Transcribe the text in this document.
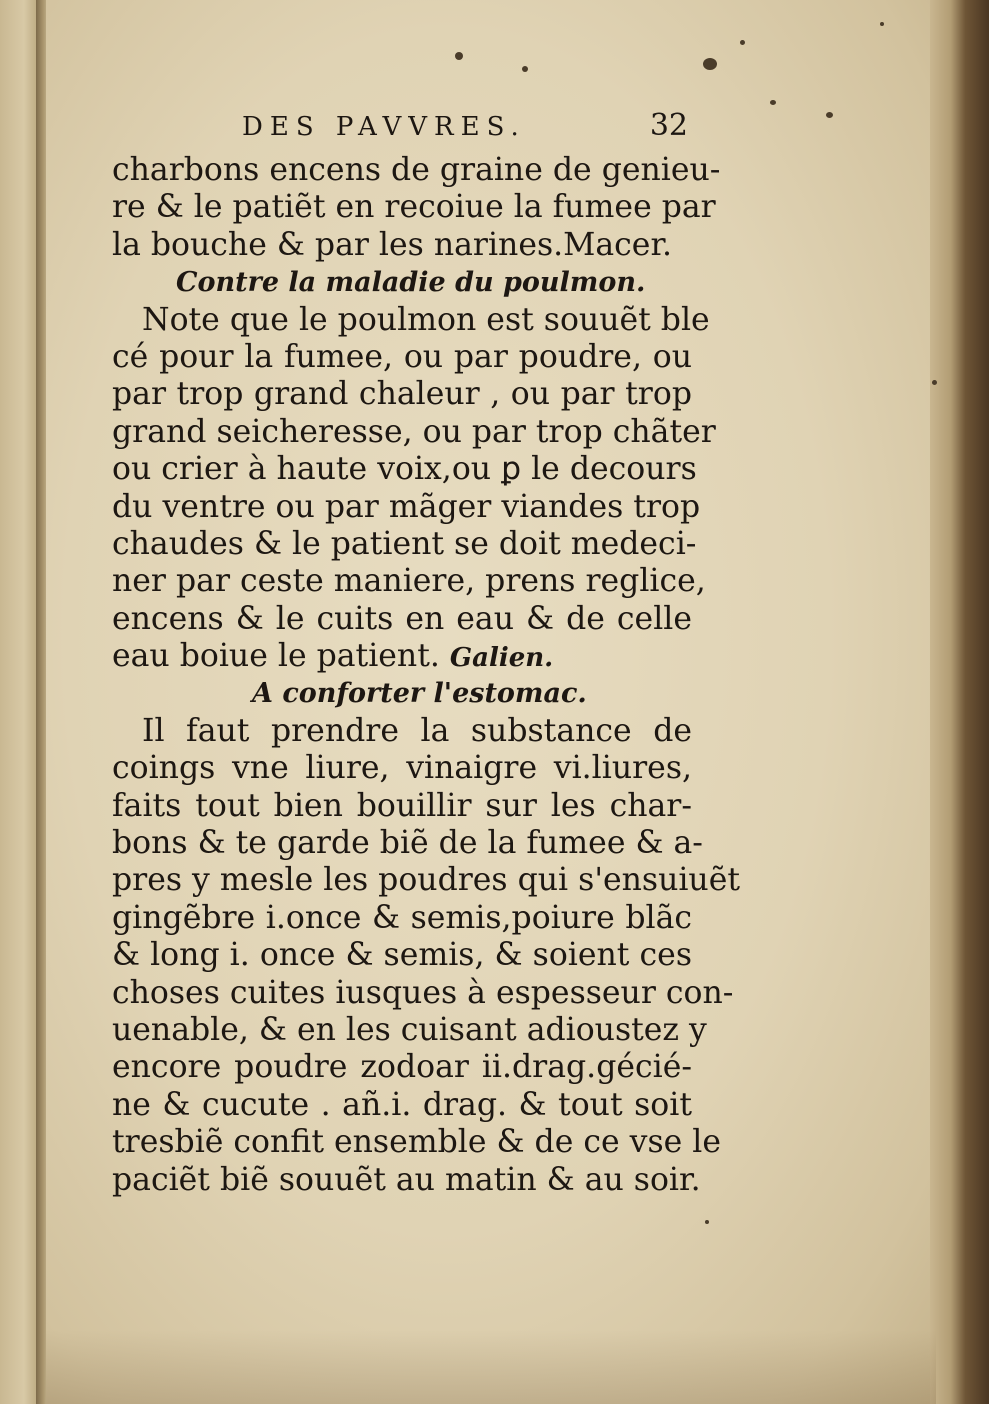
DES PAVVRES.	32
charbons encens de graine de genieu-
re & le patiẽt en recoiue la fumee par
la bouche & par les narines.Macer.
Contre la maladie du poulmon.
Note que le poulmon est souuẽt ble
cé pour la fumee, ou par poudre, ou
par trop grand chaleur , ou par trop
grand seicheresse, ou par trop chãter
ou crier à haute voix,ou ꝑ le decours
du ventre ou par mãger viandes trop
chaudes & le patient se doit medeci-
ner par ceste maniere, prens reglice,
encens & le cuits en eau & de celle
eau boiue le patient. Galien.
A conforter l'estomac.
Il faut prendre la substance de
coings vne liure, vinaigre vi.liures,
faits tout bien bouillir sur les char-
bons & te garde biẽ de la fumee & a-
pres y mesle les poudres qui s'ensuiuẽt
gingẽbre i.once & semis,poiure blãc
& long i. once & semis, & soient ces
choses cuites iusques à espesseur con-
uenable, & en les cuisant adioustez y
encore poudre zodoar ii.drag.gécié-
ne & cucute . añ.i. drag. & tout soit
tresbiẽ confit ensemble & de ce vse le
paciẽt biẽ souuẽt au matin & au soir.
